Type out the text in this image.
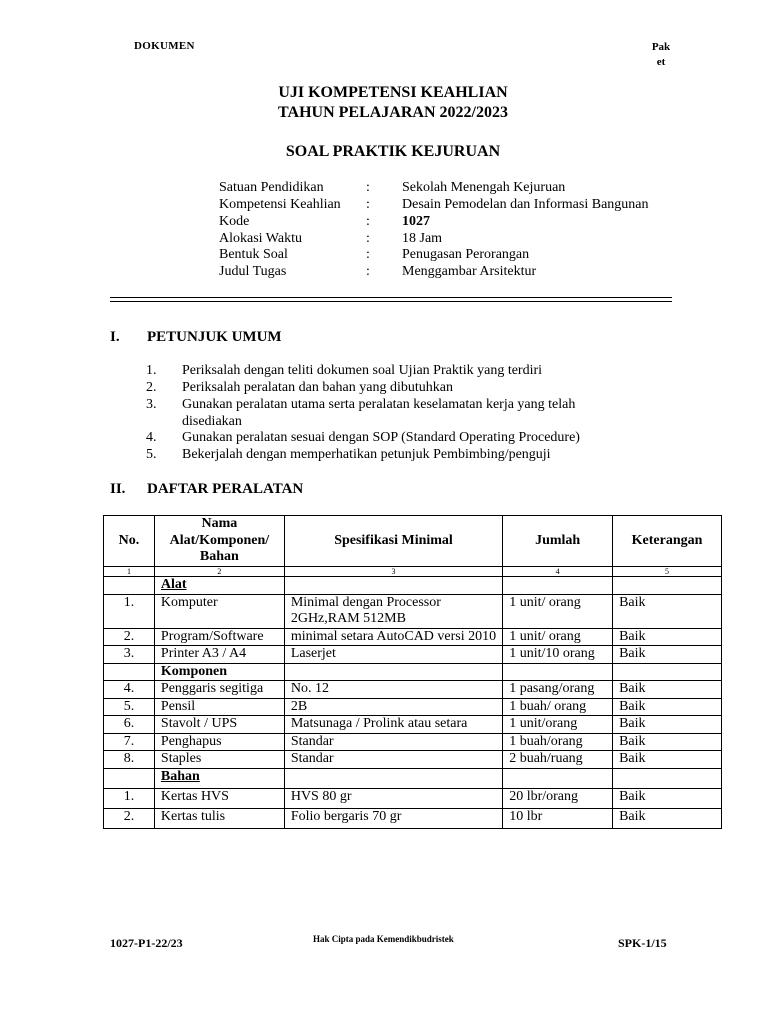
DOKUMEN	Pak
et
UJI KOMPETENSI KEAHLIAN
TAHUN PELAJARAN 2022/2023
SOAL PRAKTIK KEJURUAN
Satuan Pendidikan	: Sekolah Menengah Kejuruan
Kompetensi Keahlian : Desain Pemodelan dan Informasi Bangunan
Kode	: 1027
Alokasi Waktu	: 18 Jam
Bentuk Soal	: Penugasan Perorangan
Judul Tugas	: Menggambar Arsitektur
I. PETUNJUK UMUM
1. Periksalah dengan teliti dokumen soal Ujian Praktik yang terdiri
2. Periksalah peralatan dan bahan yang dibutuhkan
3. Gunakan peralatan utama serta peralatan keselamatan kerja yang telah disediakan
4. Gunakan peralatan sesuai dengan SOP (Standard Operating Procedure)
5. Bekerjalah dengan memperhatikan petunjuk Pembimbing/penguji
II. DAFTAR PERALATAN
No.	Nama Alat/Komponen/ Bahan	Spesifikasi Minimal	Jumlah	Keterangan
1	2	3	4	5
	Alat			
1.	Komputer	Minimal dengan Processor 2GHz,RAM 512MB	1 unit/ orang	Baik
2.	Program/Software	minimal setara AutoCAD versi 2010	1 unit/ orang	Baik
3.	Printer A3 / A4	Laserjet	1 unit/10 orang	Baik
	Komponen			
4.	Penggaris segitiga	No. 12	1 pasang/orang	Baik
5.	Pensil	2B	1 buah/ orang	Baik
6.	Stavolt / UPS	Matsunaga / Prolink atau setara	1 unit/orang	Baik
7.	Penghapus	Standar	1 buah/orang	Baik
8.	Staples	Standar	2 buah/ruang	Baik
	Bahan			
1.	Kertas HVS	HVS 80 gr	20 lbr/orang	Baik
2.	Kertas tulis	Folio bergaris 70 gr	10 lbr	Baik
1027-P1-22/23	Hak Cipta pada Kemendikbudristek	SPK-1/15
